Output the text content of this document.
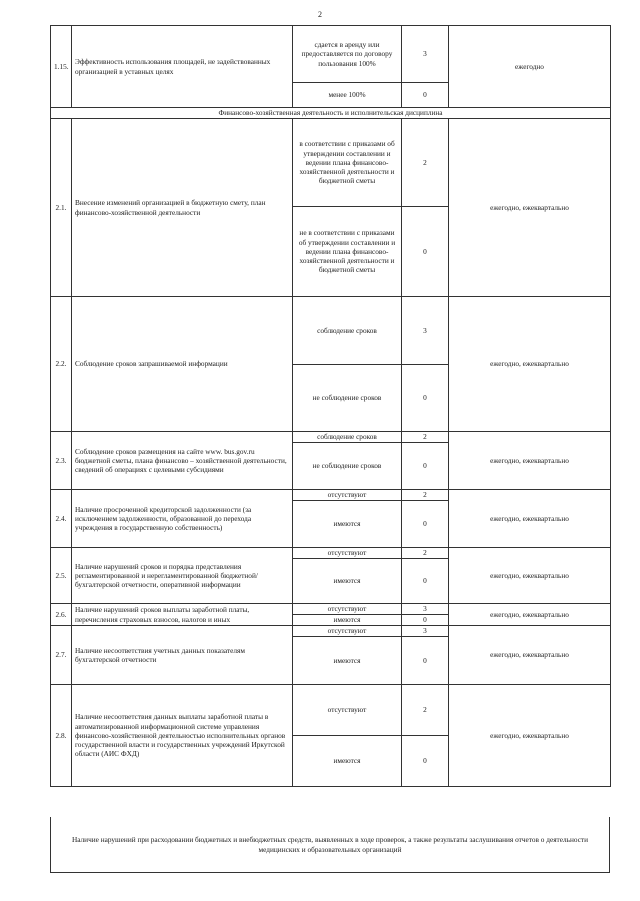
2
1.15.	Эффективность использования площадей, не задействованных организацией в уставных целях	сдается в аренду или предоставляется по договору пользования 100%	3	ежегодно
		менее 100%	0	
Финансово-хозяйственная деятельность и исполнительская дисциплина				
2.1.	Внесение изменений организацией в бюджетную смету, план финансово-хозяйственной деятельности	в соответствии с приказами об утверждении составлении и ведении плана финансово-хозяйственной деятельности и бюджетной сметы	2	ежегодно, ежеквартально
		не в соответствии с приказами об утверждении составлении и ведении плана финансово-хозяйственной деятельности и бюджетной сметы	0	
2.2.	Соблюдение сроков запрашиваемой информации	соблюдение сроков	3	ежегодно, ежеквартально
		не соблюдение сроков	0	
2.3.	Соблюдение сроков размещения на сайте www. bus.gov.ru бюджетной сметы, плана финансово – хозяйственной деятельности, сведений об операциях с целевыми субсидиями	соблюдение сроков	2	ежегодно, ежеквартально
		не соблюдение сроков	0	
2.4.	Наличие просроченной кредиторской задолженности (за исключением задолженности, образованной до перехода учреждения в государственную собственность)	отсутствуют	2	ежегодно, ежеквартально
		имеются	0	
2.5.	Наличие нарушений сроков и порядка представления регламентированной и нерегламентированной бюджетной/бухгалтерской отчетности, оперативной информации	отсутствуют	2	ежегодно, ежеквартально
		имеются	0	
2.6.	Наличие нарушений сроков выплаты заработной платы, перечисления страховых взносов, налогов и иных	отсутствуют	3	ежегодно, ежеквартально
		имеются	0	
2.7.	Наличие несоответствия учетных данных показателям бухгалтерской отчетности	отсутствуют	3	ежегодно, ежеквартально
		имеются	0	
2.8.	Наличие несоответствия данных выплаты заработной платы в автоматизированной информационной системе управления финансово-хозяйственной деятельностью исполнительных органов государственной власти и государственных учреждений Иркутской области (АИС ФХД)	отсутствуют	2	ежегодно, ежеквартально
		имеются	0	
Наличие нарушений при расходовании бюджетных и внебюджетных средств, выявленных в ходе проверок, а также результаты заслушивания отчетов о деятельности медицинских и образовательных организаций
